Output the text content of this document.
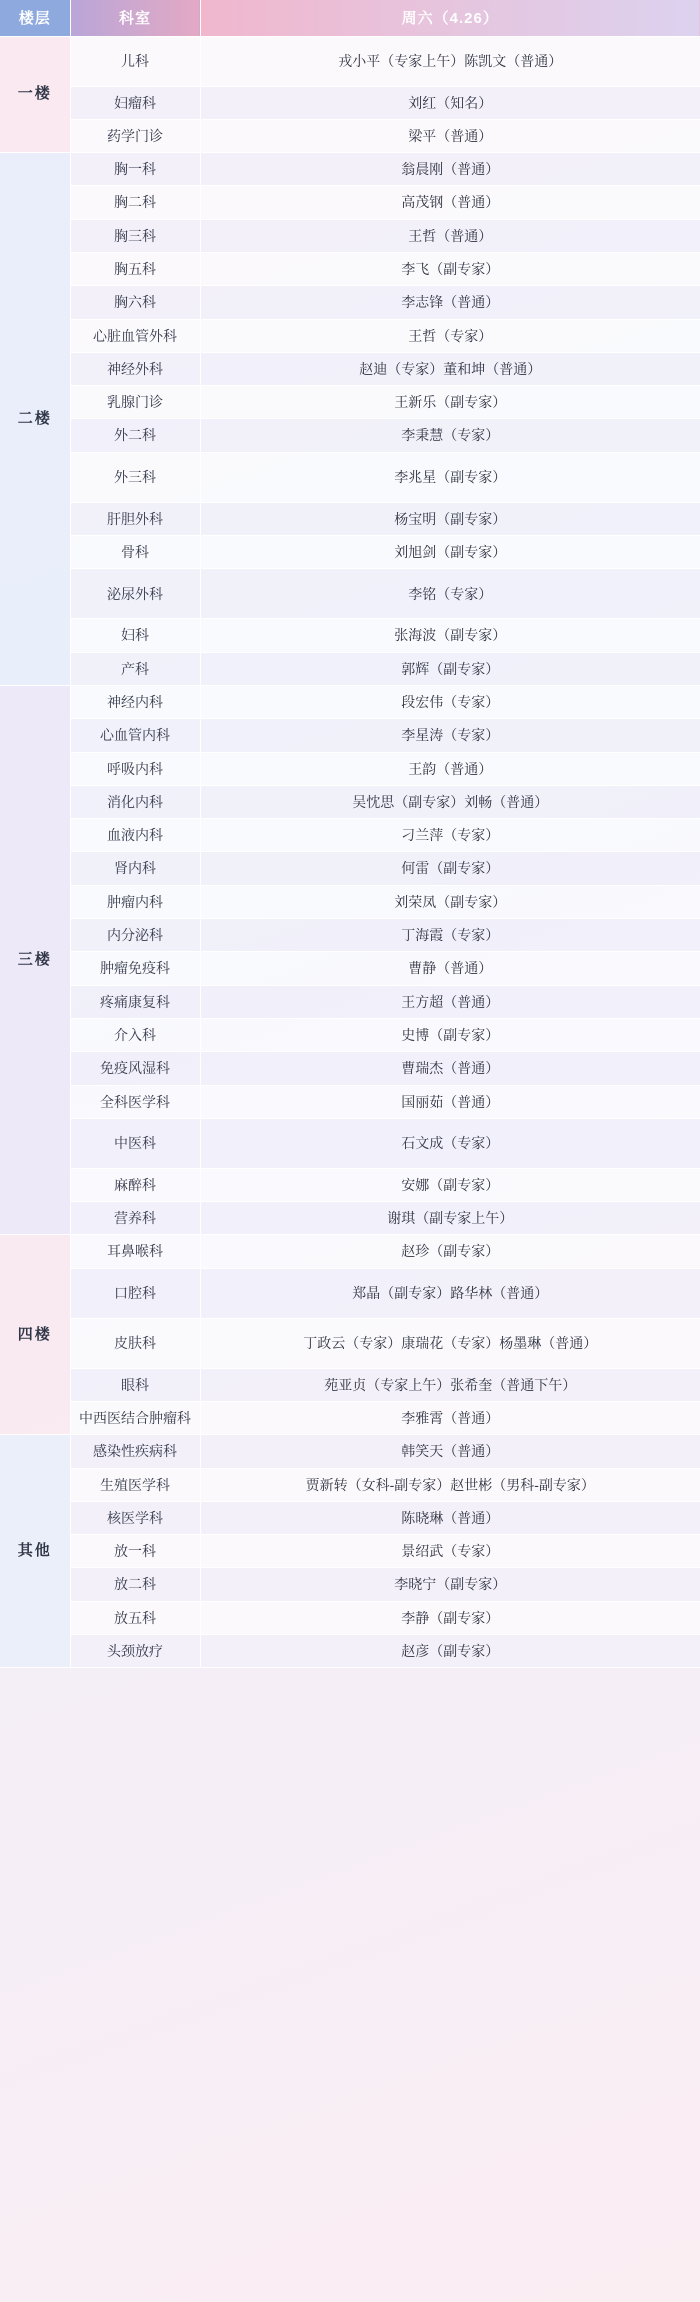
楼层	科室	周六（4.26）
一楼	儿科	戎小平（专家上午）陈凯文（普通）
	妇瘤科	刘红（知名）
	药学门诊	梁平（普通）
二楼	胸一科	翁晨刚（普通）
	胸二科	高茂钢（普通）
	胸三科	王哲（普通）
	胸五科	李飞（副专家）
	胸六科	李志锋（普通）
	心脏血管外科	王哲（专家）
	神经外科	赵迪（专家）董和坤（普通）
	乳腺门诊	王新乐（副专家）
	外二科	李秉慧（专家）
	外三科	李兆星（副专家）
	肝胆外科	杨宝明（副专家）
	骨科	刘旭剑（副专家）
	泌尿外科	李铭（专家）
	妇科	张海波（副专家）
	产科	郭辉（副专家）
三楼	神经内科	段宏伟（专家）
	心血管内科	李星涛（专家）
	呼吸内科	王韵（普通）
	消化内科	吴忱思（副专家）刘畅（普通）
	血液内科	刁兰萍（专家）
	肾内科	何雷（副专家）
	肿瘤内科	刘荣凤（副专家）
	内分泌科	丁海霞（专家）
	肿瘤免疫科	曹静（普通）
	疼痛康复科	王方超（普通）
	介入科	史博（副专家）
	免疫风湿科	曹瑞杰（普通）
	全科医学科	国丽茹（普通）
	中医科	石文成（专家）
	麻醉科	安娜（副专家）
	营养科	谢琪（副专家上午）
四楼	耳鼻喉科	赵珍（副专家）
	口腔科	郑晶（副专家）路华林（普通）
	皮肤科	丁政云（专家）康瑞花（专家）杨墨琳（普通）
	眼科	苑亚贞（专家上午）张希奎（普通下午）
	中西医结合肿瘤科	李雅霄（普通）
其他	感染性疾病科	韩笑天（普通）
	生殖医学科	贾新转（女科-副专家）赵世彬（男科-副专家）
	核医学科	陈晓琳（普通）
	放一科	景绍武（专家）
	放二科	李晓宁（副专家）
	放五科	李静（副专家）
	头颈放疗	赵彦（副专家）
